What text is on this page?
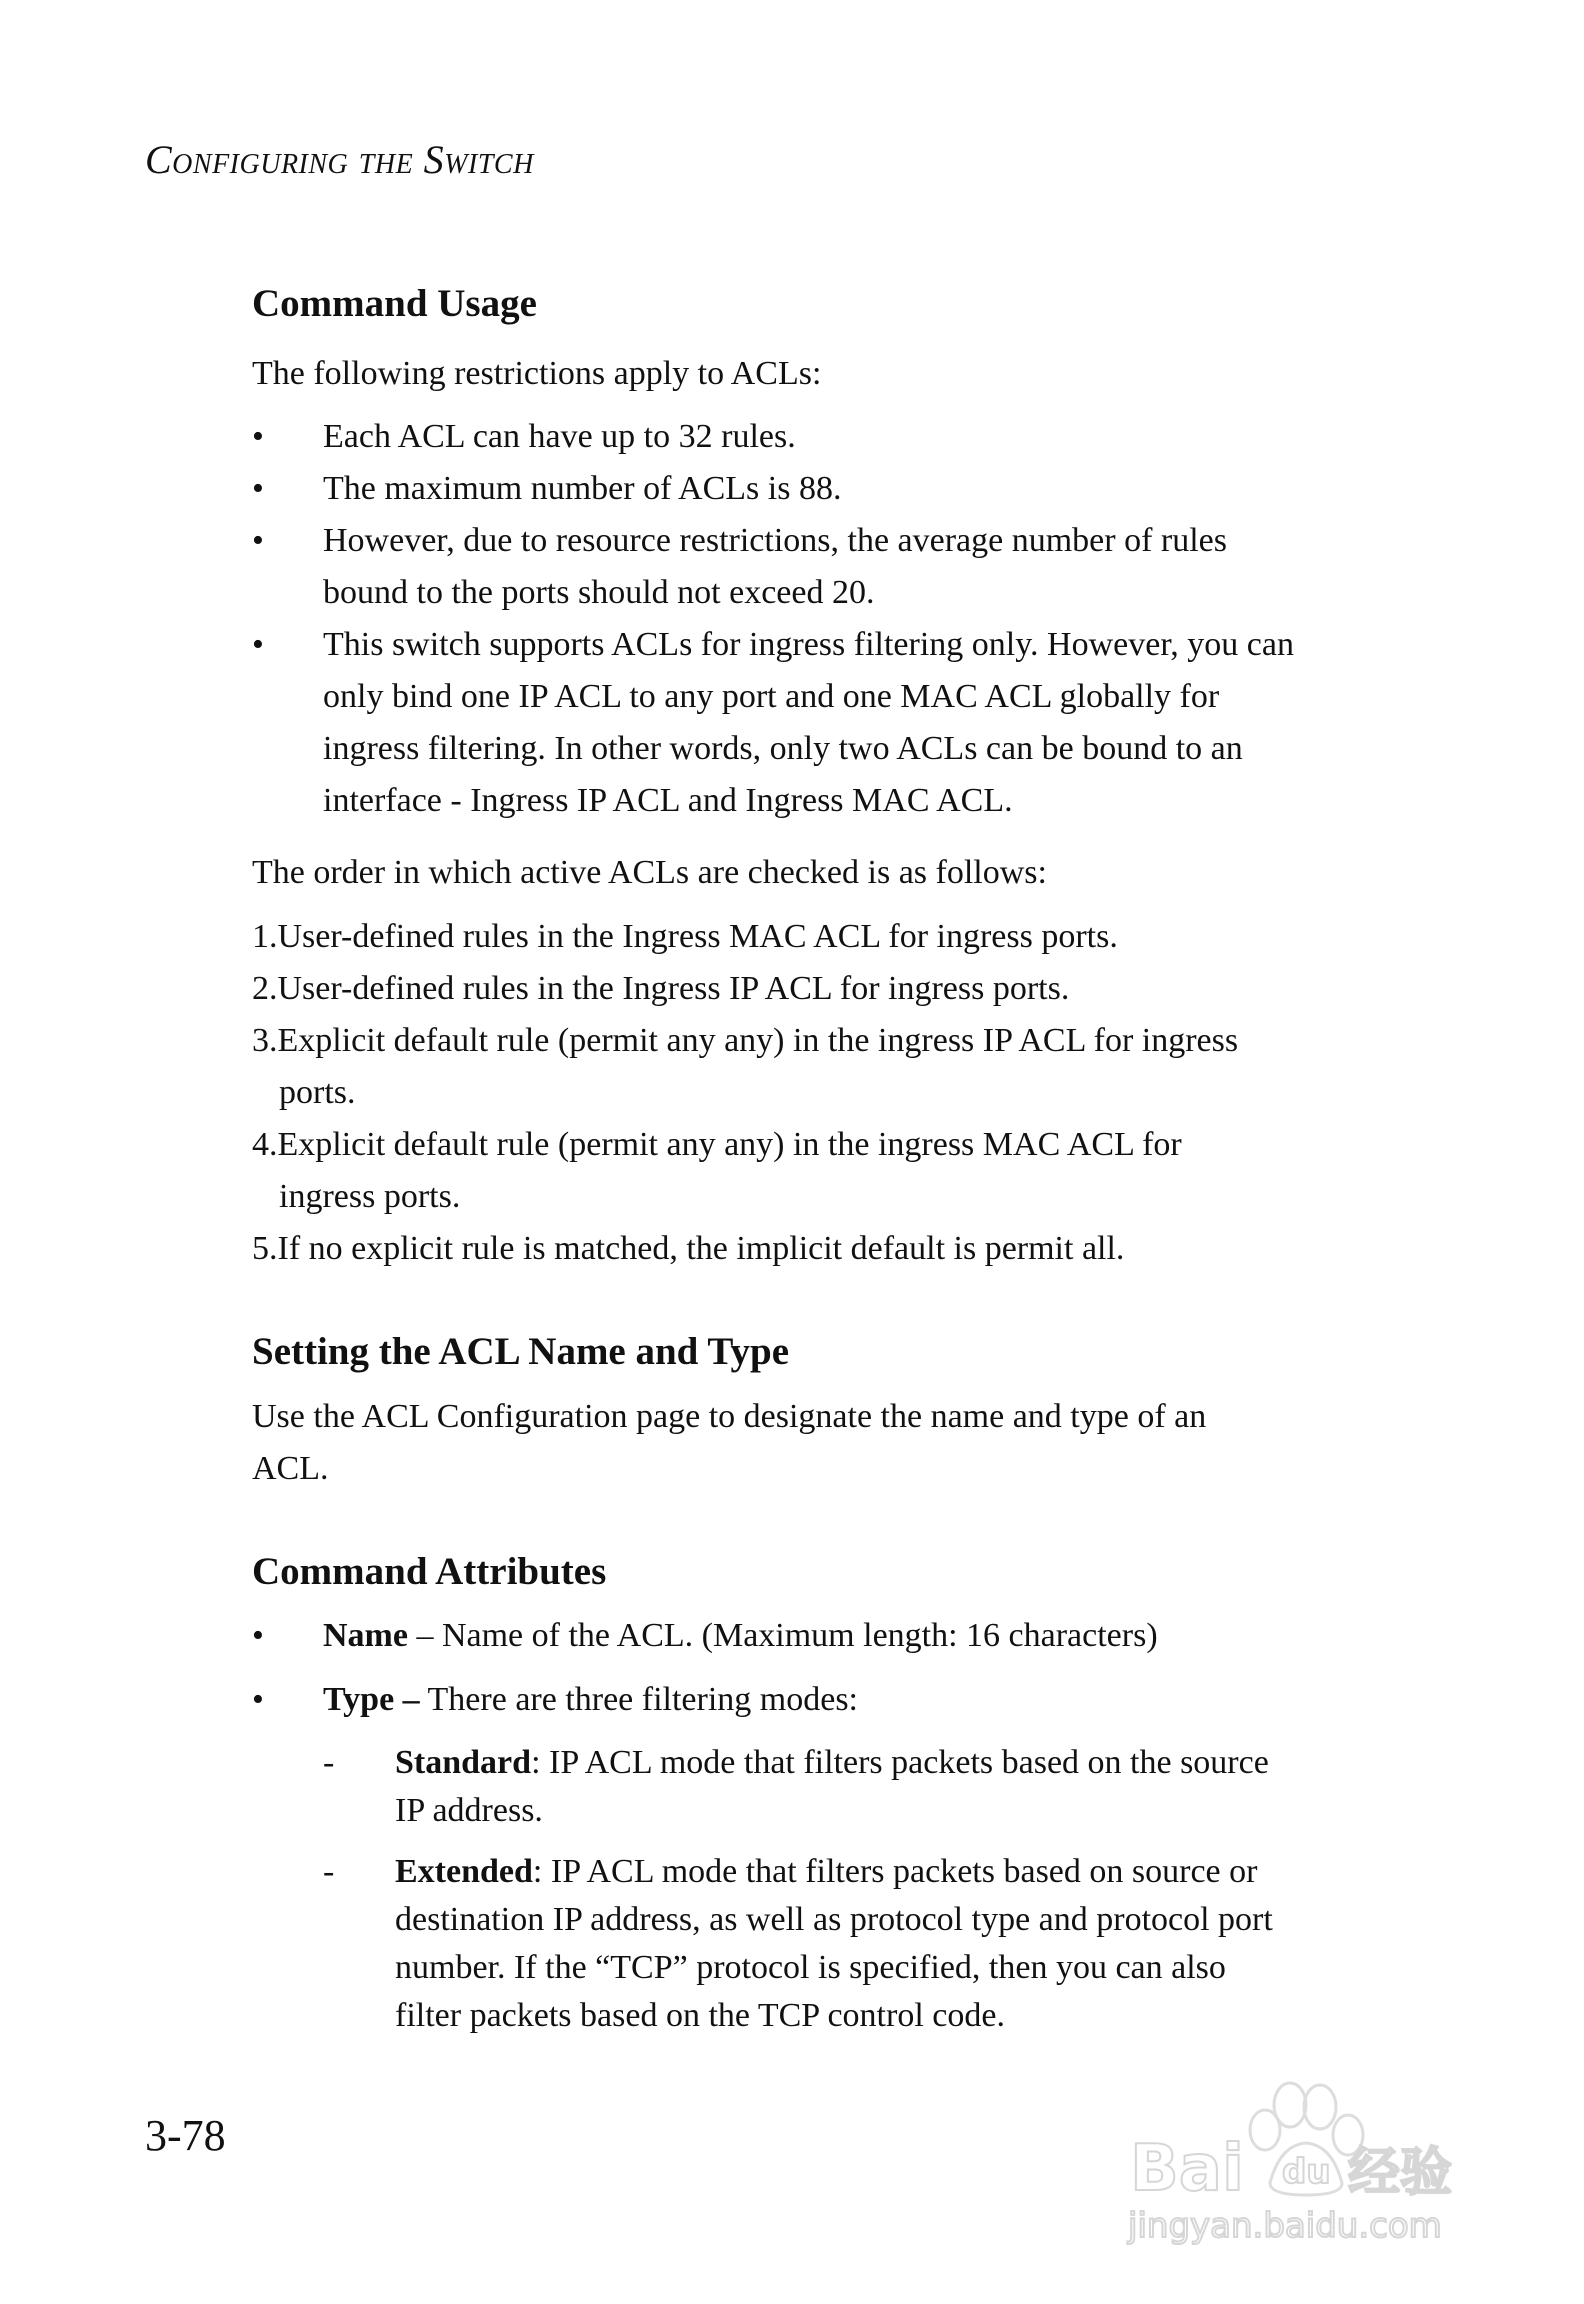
Configuring the Switch
Command Usage
The following restrictions apply to ACLs:
• Each ACL can have up to 32 rules.
• The maximum number of ACLs is 88.
• However, due to resource restrictions, the average number of rules
bound to the ports should not exceed 20.
• This switch supports ACLs for ingress filtering only. However, you can
only bind one IP ACL to any port and one MAC ACL globally for
ingress filtering. In other words, only two ACLs can be bound to an
interface - Ingress IP ACL and Ingress MAC ACL.
The order in which active ACLs are checked is as follows:
1.User-defined rules in the Ingress MAC ACL for ingress ports.
2.User-defined rules in the Ingress IP ACL for ingress ports.
3.Explicit default rule (permit any any) in the ingress IP ACL for ingress
ports.
4.Explicit default rule (permit any any) in the ingress MAC ACL for
ingress ports.
5.If no explicit rule is matched, the implicit default is permit all.
Setting the ACL Name and Type
Use the ACL Configuration page to designate the name and type of an
ACL.
Command Attributes
• Name – Name of the ACL. (Maximum length: 16 characters)
• Type – There are three filtering modes:
- Standard: IP ACL mode that filters packets based on the source
IP address.
- Extended: IP ACL mode that filters packets based on source or
destination IP address, as well as protocol type and protocol port
number. If the “TCP” protocol is specified, then you can also
filter packets based on the TCP control code.
3-78	Bai du 经验
jingyan.baidu.com
